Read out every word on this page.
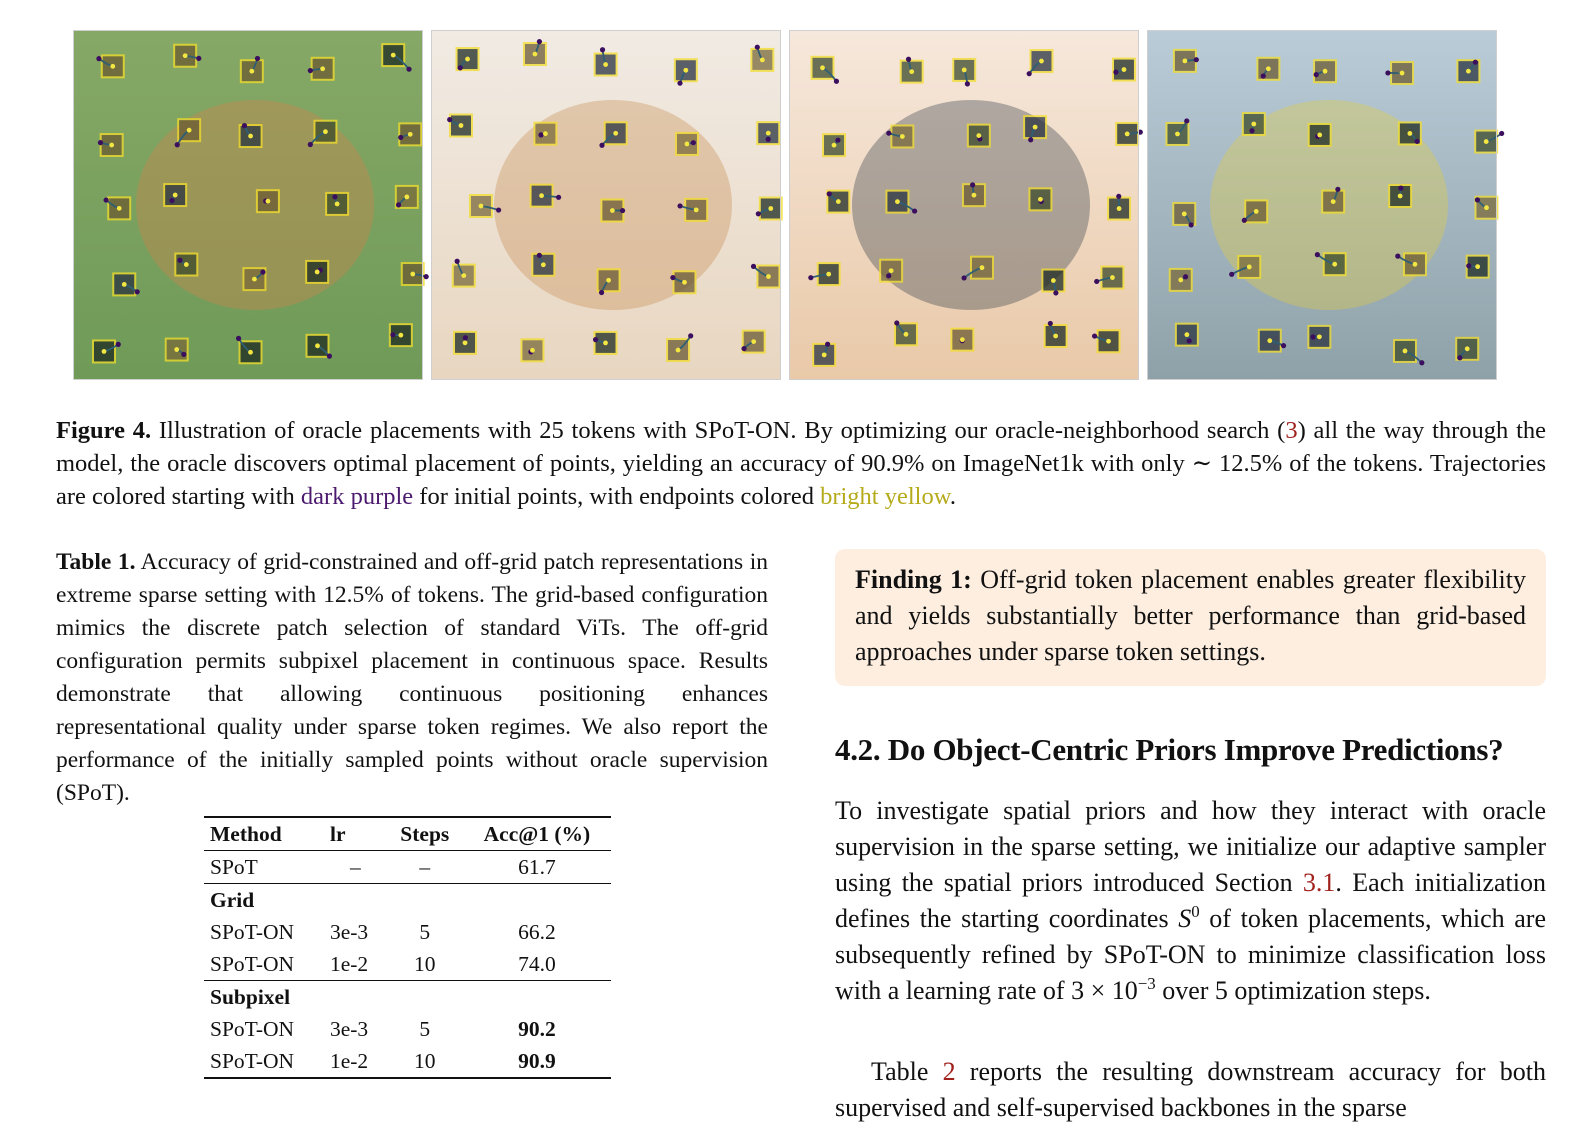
Figure 4. Illustration of oracle placements with 25 tokens with SPoT-ON. By optimizing our oracle-neighborhood search (3) all the way through the model, the oracle discovers optimal placement of points, yielding an accuracy of 90.9% on ImageNet1k with only ∼ 12.5% of the tokens. Trajectories are colored starting with dark purple for initial points, with endpoints colored bright yellow.
Table 1. Accuracy of grid-constrained and off-grid patch representations in extreme sparse setting with 12.5% of tokens. The grid-based configuration mimics the discrete patch selection of standard ViTs. The off-grid configuration permits subpixel placement in continuous space. Results demonstrate that allowing continuous positioning enhances representational quality under sparse token regimes. We also report the performance of the initially sampled points without oracle supervision (SPoT).
Method	lr	Steps	Acc@1 (%)
SPoT	–	–	61.7
Grid			
SPoT-ON	3e-3	5	66.2
SPoT-ON	1e-2	10	74.0
Subpixel			
SPoT-ON	3e-3	5	90.2
SPoT-ON	1e-2	10	90.9
Finding 1: Off-grid token placement enables greater flexibility and yields substantially better performance than grid-based approaches under sparse token settings.
4.2. Do Object-Centric Priors Improve Predictions?
To investigate spatial priors and how they interact with oracle supervision in the sparse setting, we initialize our adaptive sampler using the spatial priors introduced Section 3.1. Each initialization defines the starting coordinates $S^0$ of token placements, which are subsequently refined by SPoT-ON to minimize classification loss with a learning rate of $3 \times 10^{-3}$ over 5 optimization steps.
Table 2 reports the resulting downstream accuracy for both supervised and self-supervised backbones in the sparse
